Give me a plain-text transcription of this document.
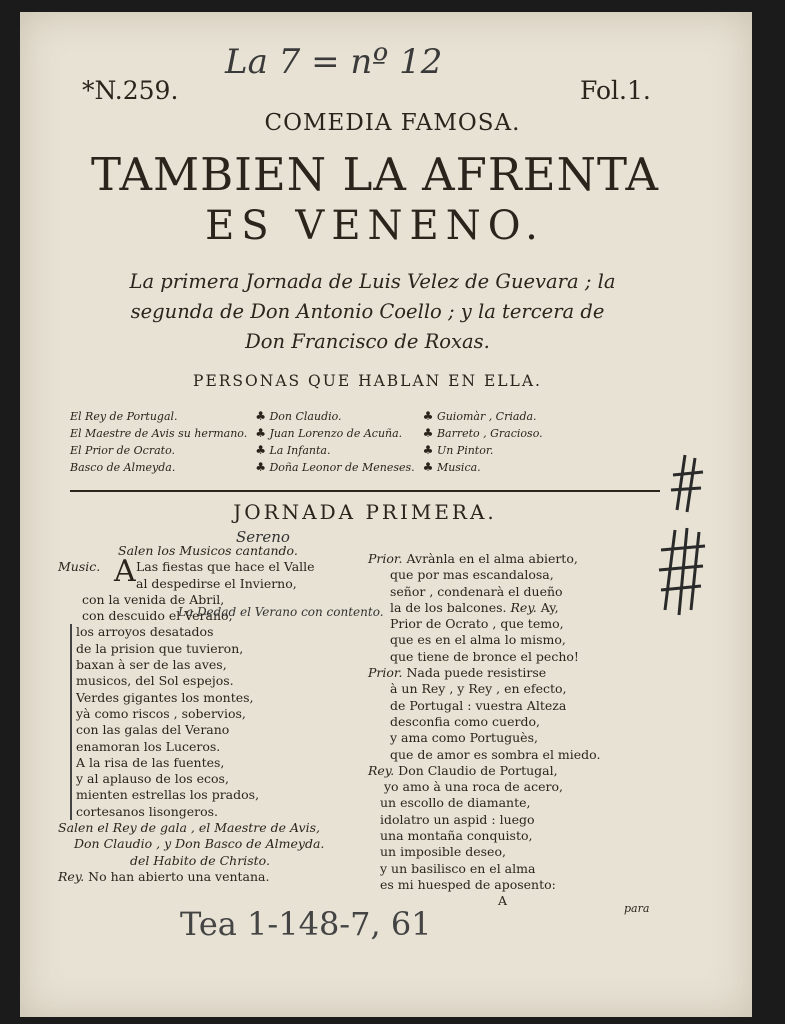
La 7 = nº 12
*N.259.	Fol.1.
COMEDIA FAMOSA.
TAMBIEN LA AFRENTA
ES VENENO.
La primera Jornada de Luis Velez de Guevara ; la
segunda de Don Antonio Coello ; y la tercera de
Don Francisco de Roxas.
PERSONAS QUE HABLAN EN ELLA.
El Rey de Portugal.	♣ Don Claudio.	♣ Guiomàr , Criada.
El Maestre de Avis su hermano.	♣ Juan Lorenzo de Acuña.	♣ Barreto , Gracioso.
El Prior de Ocrato.	♣ La Infanta.	♣ Un Pintor.
Basco de Almeyda.	♣ Doña Leonor de Meneses.	♣ Musica.
JORNADA PRIMERA.
Sereno
Salen los Musicos cantando.
Music. A Las fiestas que hace el Valle
al despedirse el Invierno,
con la venida de Abril,
con descuido el Verano,
La Dedad el Verano con contento.
los arroyos desatados
de la prision que tuvieron,
baxan à ser de las aves,
musicos, del Sol espejos.
Verdes gigantes los montes,
yà como riscos , sobervios,
con las galas del Verano
enamoran los Luceros.
A la risa de las fuentes,
y al aplauso de los ecos,
mienten estrellas los prados,
cortesanos lisongeros.
Salen el Rey de gala , el Maestre de Avis,
Don Claudio , y Don Basco de Almeyda.
del Habito de Christo.
Rey. No han abierto una ventana.
Prior. Avrànla en el alma abierto,
que por mas escandalosa,
señor , condenarà el dueño
la de los balcones. Rey. Ay,
Prior de Ocrato , que temo,
que es en el alma lo mismo,
que tiene de bronce el pecho!
Prior. Nada puede resistirse
à un Rey , y Rey , en efecto,
de Portugal : vuestra Alteza
desconfia como cuerdo,
y ama como Portuguès,
que de amor es sombra el miedo.
Rey. Don Claudio de Portugal,
yo amo à una roca de acero,
un escollo de diamante,
idolatro un aspid : luego
una montaña conquisto,
un imposible deseo,
y un basilisco en el alma
es mi huesped de aposento:
A
para
Tea 1-148-7, 61
